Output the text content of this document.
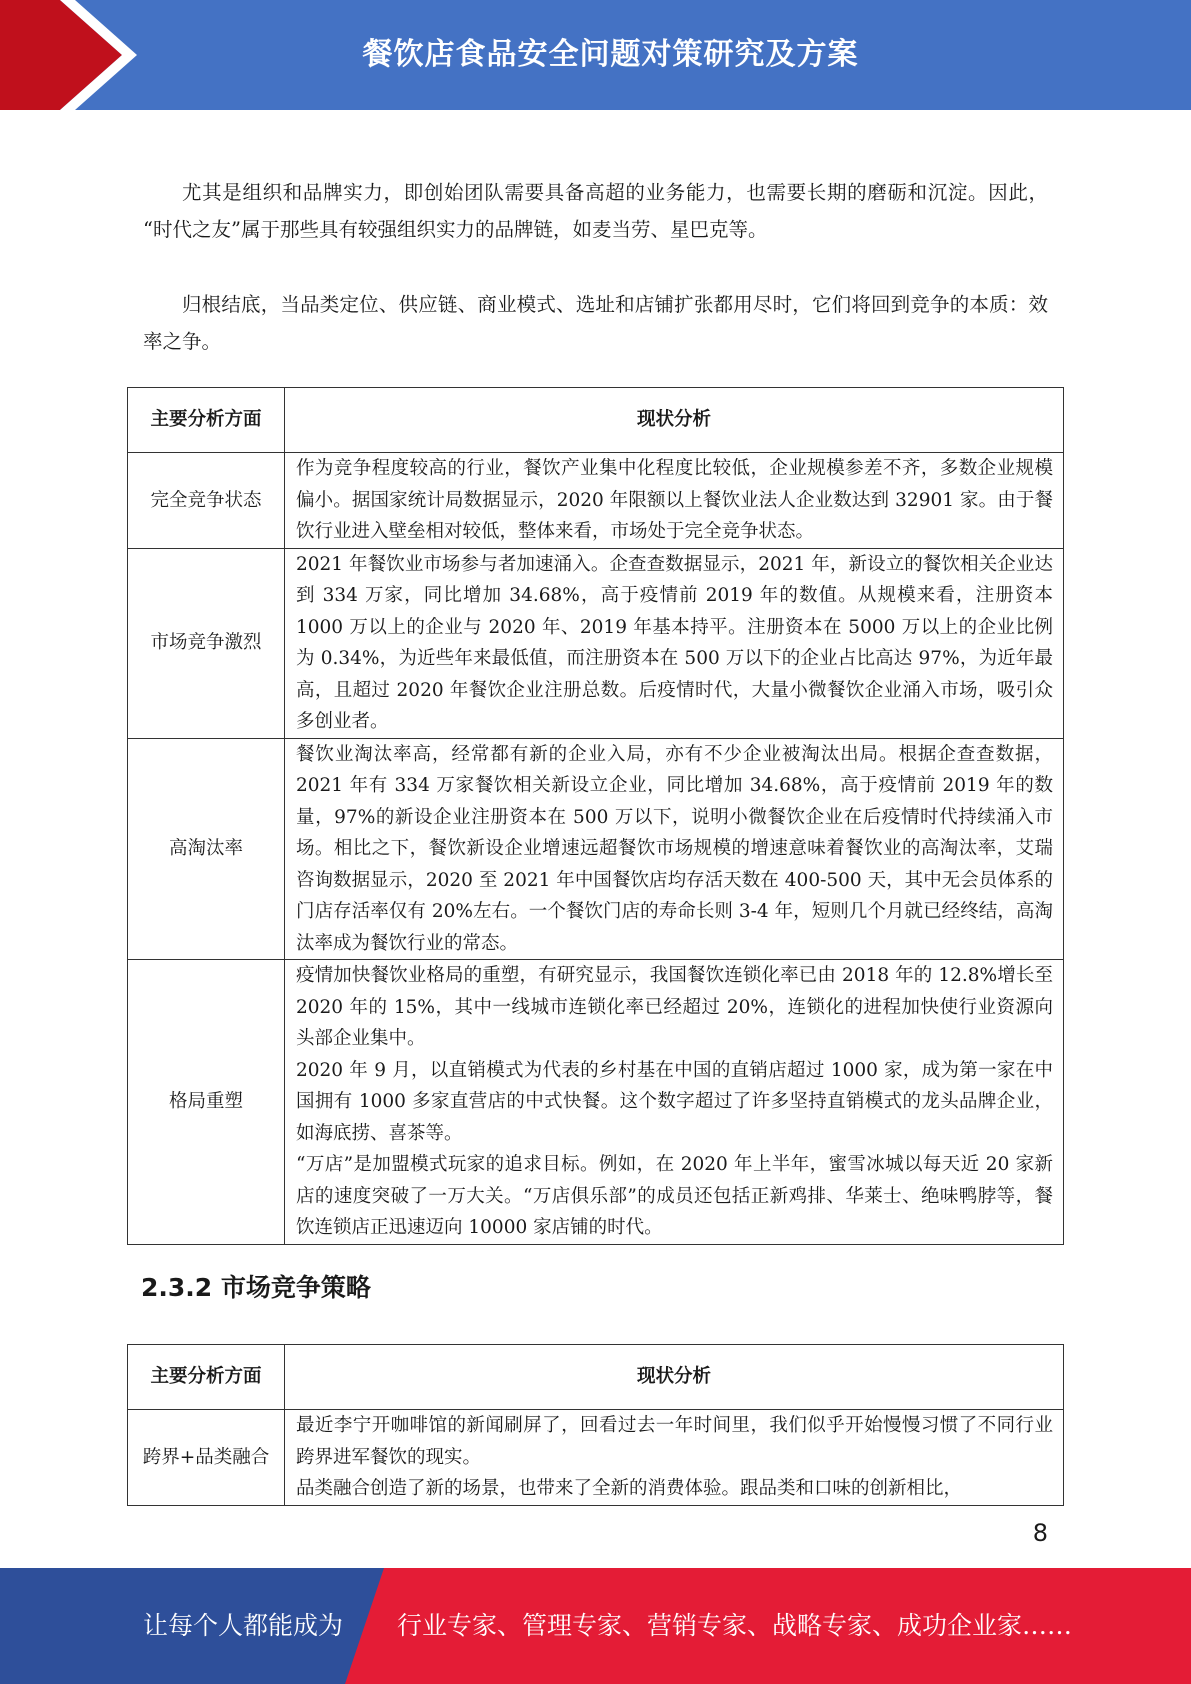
餐饮店食品安全问题对策研究及方案

尤其是组织和品牌实力，即创始团队需要具备高超的业务能力，也需要长期的磨砺和沉淀。因此， “时代之友”属于那些具有较强组织实力的品牌链，如麦当劳、星巴克等。

归根结底，当品类定位、供应链、商业模式、选址和店铺扩张都用尽时，它们将回到竞争的本质：效率之争。

主要分析方面	现状分析
完全竞争状态	作为竞争程度较高的行业，餐饮产业集中化程度比较低，企业规模参差不齐，多数企业规模偏小。据国家统计局数据显示，2020 年限额以上餐饮业法人企业数达到 32901 家。由于餐饮行业进入壁垒相对较低，整体来看，市场处于完全竞争状态。

市场竞争激烈	2021 年餐饮业市场参与者加速涌入。企查查数据显示，2021 年，新设立的餐饮相关企业达到 334 万家，同比增加 34.68%，高于疫情前 2019 年的数值。从规模来看，注册资本 1000 万以上的企业与 2020 年、2019 年基本持平。注册资本在 5000 万以上的企业比例为 0.34%，为近些年来最低值，而注册资本在 500 万以下的企业占比高达 97%，为近年最高，且超过 2020 年餐饮企业注册总数。后疫情时代，大量小微餐饮企业涌入市场，吸引众多创业者。

高淘汰率	餐饮业淘汰率高，经常都有新的企业入局，亦有不少企业被淘汰出局。根据企查查数据，2021 年有 334 万家餐饮相关新设立企业，同比增加 34.68%，高于疫情前 2019 年的数量，97%的新设企业注册资本在 500 万以下，说明小微餐饮企业在后疫情时代持续涌入市场。相比之下，餐饮新设企业增速远超餐饮市场规模的增速意味着餐饮业的高淘汰率，艾瑞咨询数据显示，2020 至 2021 年中国餐饮店均存活天数在 400-500 天，其中无会员体系的门店存活率仅有 20%左右。一个餐饮门店的寿命长则 3-4 年，短则几个月就已经终结，高淘汰率成为餐饮行业的常态。

格局重塑	疫情加快餐饮业格局的重塑，有研究显示，我国餐饮连锁化率已由 2018 年的 12.8%增长至 2020 年的 15%，其中一线城市连锁化率已经超过 20%，连锁化的进程加快使行业资源向头部企业集中。

2020 年 9 月，以直销模式为代表的乡村基在中国的直销店超过 1000 家，成为第一家在中国拥有 1000 多家直营店的中式快餐。这个数字超过了许多坚持直销模式的龙头品牌企业，如海底捞、喜茶等。

“万店”是加盟模式玩家的追求目标。例如，在 2020 年上半年，蜜雪冰城以每天近 20 家新店的速度突破了一万大关。“万店俱乐部”的成员还包括正新鸡排、华莱士、绝味鸭脖等，餐饮连锁店正迅速迈向 10000 家店铺的时代。

2.3.2 市场竞争策略
主要分析方面	现状分析
跨界+品类融合	最近李宁开咖啡馆的新闻刷屏了，回看过去一年时间里，我们似乎开始慢慢习惯了不同行业跨界进军餐饮的现实。

品类融合创造了新的场景，也带来了全新的消费体验。跟品类和口味的创新相比，

8

让每个人都能成为 行业专家、管理专家、营销专家、战略专家、成功企业家……
